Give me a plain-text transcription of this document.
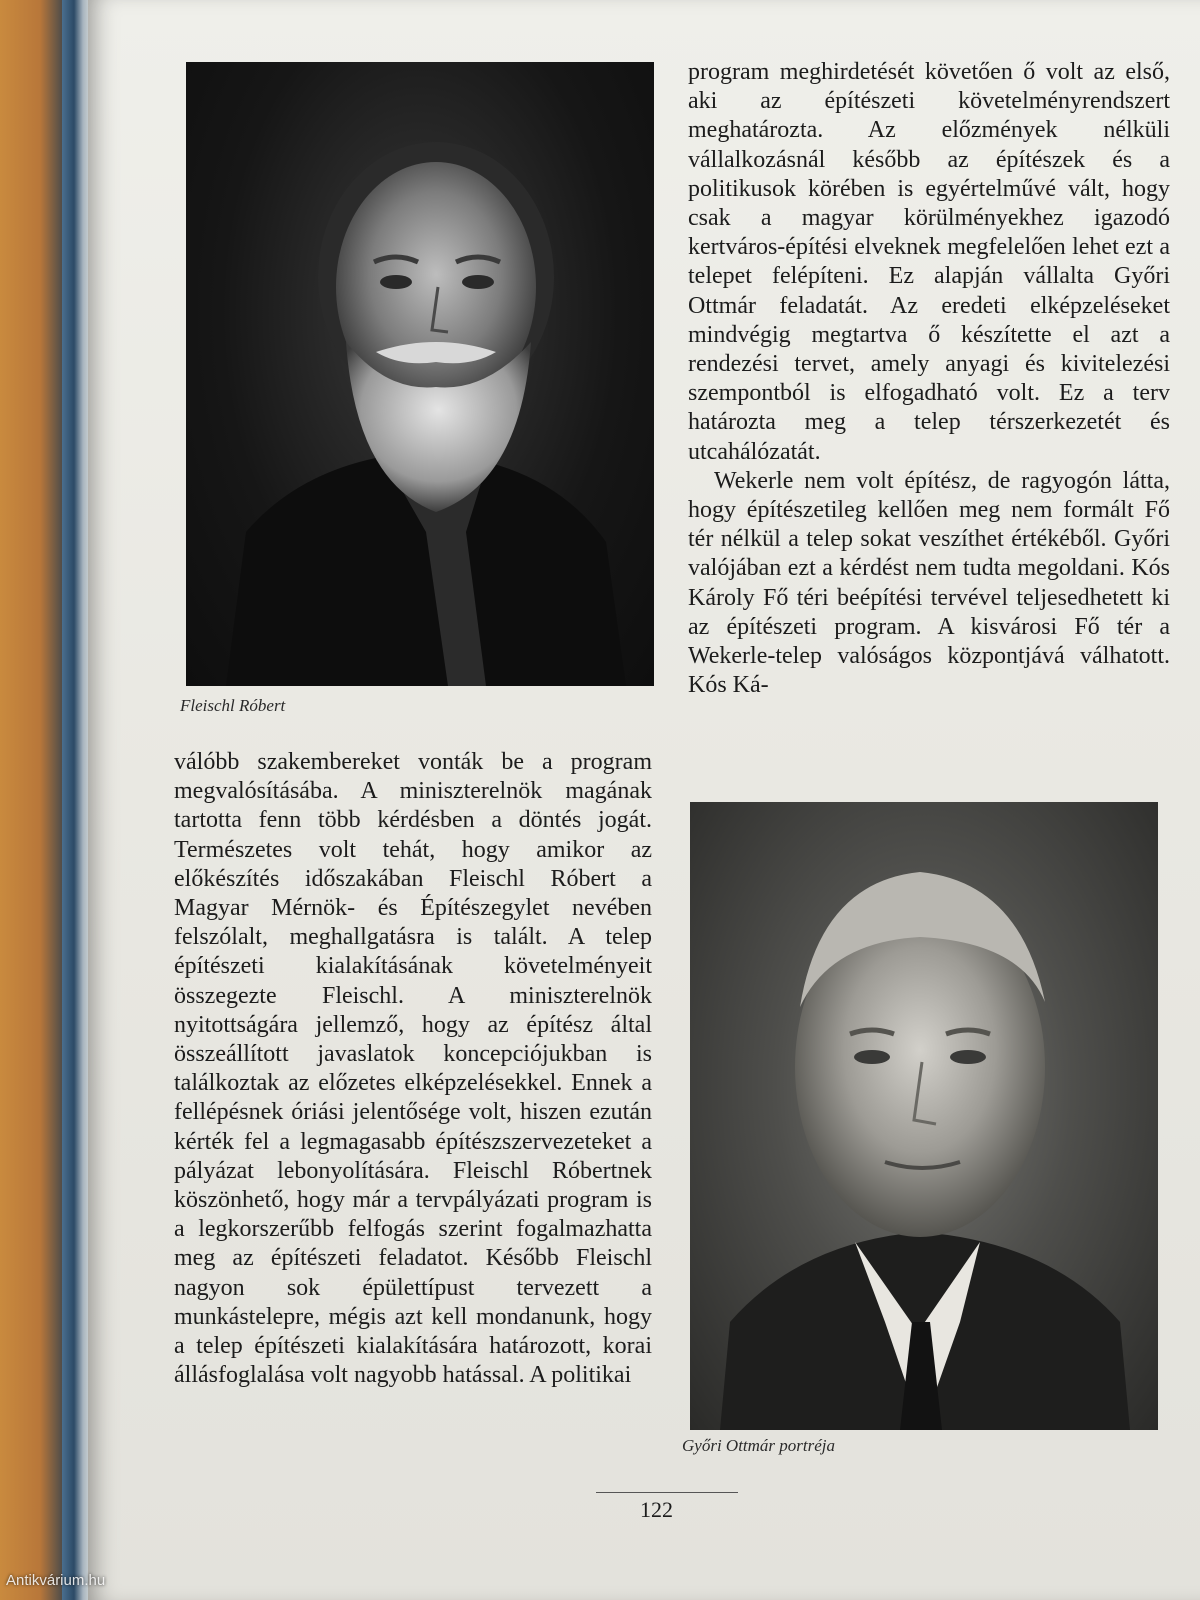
Fleischl Róbert

program meghirdetését követően ő volt az első, aki az építészeti követelményrendszert meghatározta. Az előzmények nélküli vállalkozásnál később az építészek és a politikusok körében is egyértelművé vált, hogy csak a magyar körülményekhez igazodó kertváros-építési elveknek megfelelően lehet ezt a telepet felépíteni. Ez alapján vállalta Győri Ottmár feladatát. Az eredeti elképzeléseket mindvégig megtartva ő készítette el azt a rendezési tervet, amely anyagi és kivitelezési szempontból is elfogadható volt. Ez a terv határozta meg a telep térszerkezetét és utcahálózatát.

Wekerle nem volt építész, de ragyogón látta, hogy építészetileg kellően meg nem formált Fő tér nélkül a telep sokat veszíthet értékéből. Győri valójában ezt a kérdést nem tudta megoldani. Kós Károly Fő téri beépítési tervével teljesedhetett ki az építészeti program. A kisvárosi Fő tér a Wekerle-telep valóságos központjává válhatott. Kós Ká-

válóbb szakembereket vonták be a program megvalósításába. A miniszterelnök magának tartotta fenn több kérdésben a döntés jogát. Természetes volt tehát, hogy amikor az előkészítés időszakában Fleischl Róbert a Magyar Mérnök- és Építészegylet nevében felszólalt, meghallgatásra is talált. A telep építészeti kialakításának követelményeit összegezte Fleischl. A miniszterelnök nyitottságára jellemző, hogy az építész által összeállított javaslatok koncepciójukban is találkoztak az előzetes elképzelésekkel. Ennek a fellépésnek óriási jelentősége volt, hiszen ezután kérték fel a legmagasabb építészszervezeteket a pályázat lebonyolítására. Fleischl Róbertnek köszönhető, hogy már a tervpályázati program is a legkorszerűbb felfogás szerint fogalmazhatta meg az építészeti feladatot. Később Fleischl nagyon sok épülettípust tervezett a munkástelepre, mégis azt kell mondanunk, hogy a telep építészeti kialakítására határozott, korai állásfoglalása volt nagyobb hatással. A politikai

Győri Ottmár portréja
122
Antikvárium.hu
